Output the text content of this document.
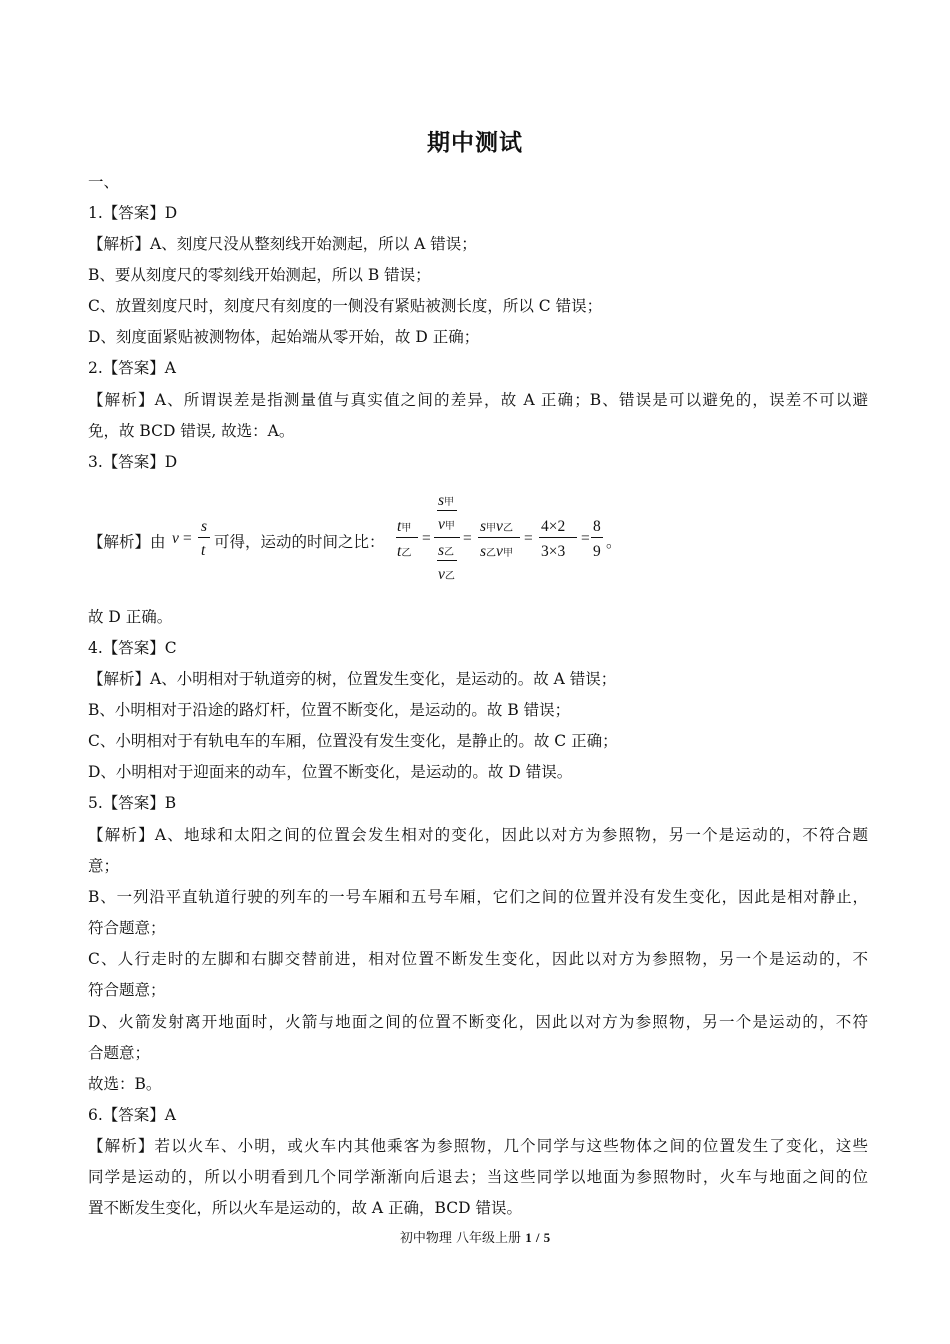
期中测试
一、
1.【答案】D
【解析】A、刻度尺没从整刻线开始测起，所以 A 错误；
B、要从刻度尺的零刻线开始测起，所以 B 错误；
C、放置刻度尺时，刻度尺有刻度的一侧没有紧贴被测长度，所以 C 错误；
D、刻度面紧贴被测物体，起始端从零开始，故 D 正确；
2.【答案】A
【解析】A、所谓误差是指测量值与真实值之间的差异，故 A 正确；B、错误是可以避免的，误差不可以避
免，故 BCD 错误, 故选：A。
3.【答案】D
【解析】由 v =
s
t 可得，运动的时间之比：
t甲
t乙
=
s甲
v甲
s乙
v乙
=
s甲v乙
s乙v甲
=
4×2
3×3
=
8
9
。
故 D 正确。
4.【答案】C
【解析】A、小明相对于轨道旁的树，位置发生变化，是运动的。故 A 错误；
B、小明相对于沿途的路灯杆，位置不断变化，是运动的。故 B 错误；
C、小明相对于有轨电车的车厢，位置没有发生变化，是静止的。故 C 正确；
D、小明相对于迎面来的动车，位置不断变化，是运动的。故 D 错误。
5.【答案】B
【解析】A、地球和太阳之间的位置会发生相对的变化，因此以对方为参照物，另一个是运动的，不符合题
意；
B、一列沿平直轨道行驶的列车的一号车厢和五号车厢，它们之间的位置并没有发生变化，因此是相对静止，
符合题意；
C、人行走时的左脚和右脚交替前进，相对位置不断发生变化，因此以对方为参照物，另一个是运动的，不
符合题意；
D、火箭发射离开地面时，火箭与地面之间的位置不断变化，因此以对方为参照物，另一个是运动的，不符
合题意；
故选：B。
6.【答案】A
【解析】若以火车、小明，或火车内其他乘客为参照物，几个同学与这些物体之间的位置发生了变化，这些
同学是运动的，所以小明看到几个同学渐渐向后退去；当这些同学以地面为参照物时，火车与地面之间的位
置不断发生变化，所以火车是运动的，故 A 正确，BCD 错误。
初中物理 八年级上册 1 / 5
